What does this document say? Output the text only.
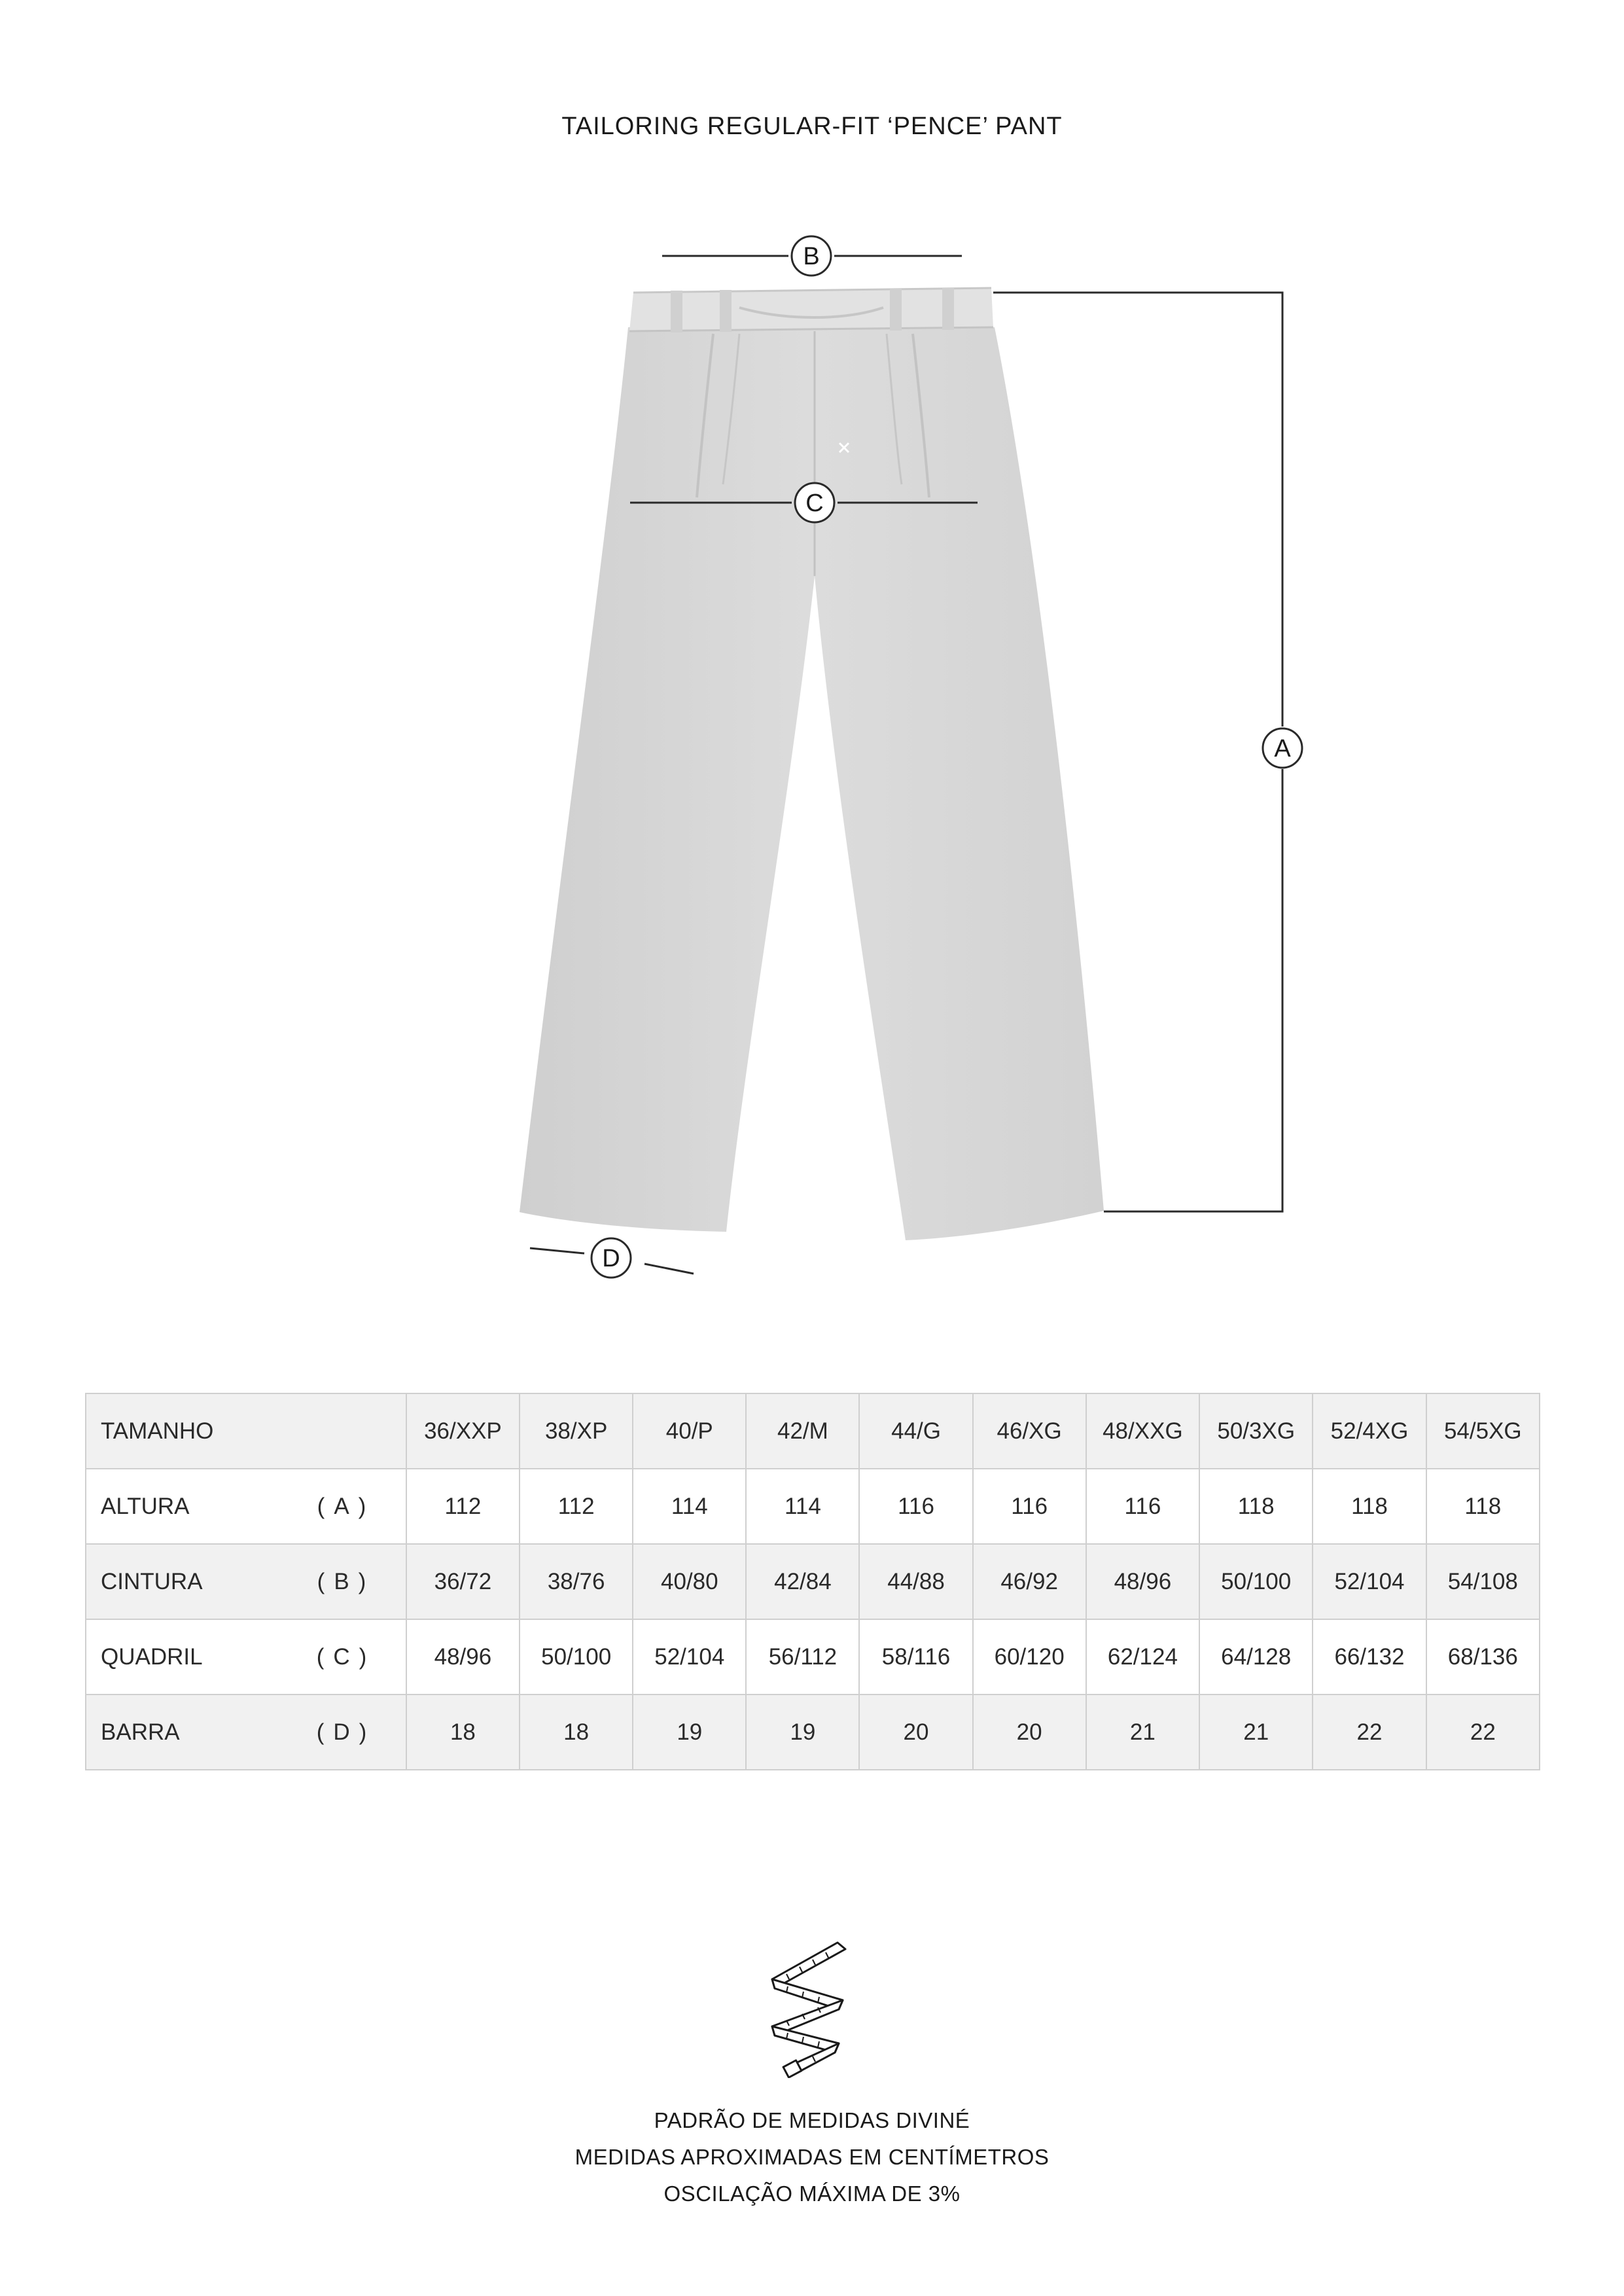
TAILORING REGULAR-FIT ‘PENCE’ PANT
B
C
A
D
TAMANHO	36/XXP	38/XP	40/P	42/M	44/G	46/XG	48/XXG	50/3XG	52/4XG	54/5XG
ALTURA (A)	112	112	114	114	116	116	116	118	118	118
CINTURA (B)	36/72	38/76	40/80	42/84	44/88	46/92	48/96	50/100	52/104	54/108
QUADRIL (C)	48/96	50/100	52/104	56/112	58/116	60/120	62/124	64/128	66/132	68/136
BARRA (D)	18	18	19	19	20	20	21	21	22	22
PADRÃO DE MEDIDAS DIVINÉ
MEDIDAS APROXIMADAS EM CENTÍMETROS
OSCILAÇÃO MÁXIMA DE 3%
